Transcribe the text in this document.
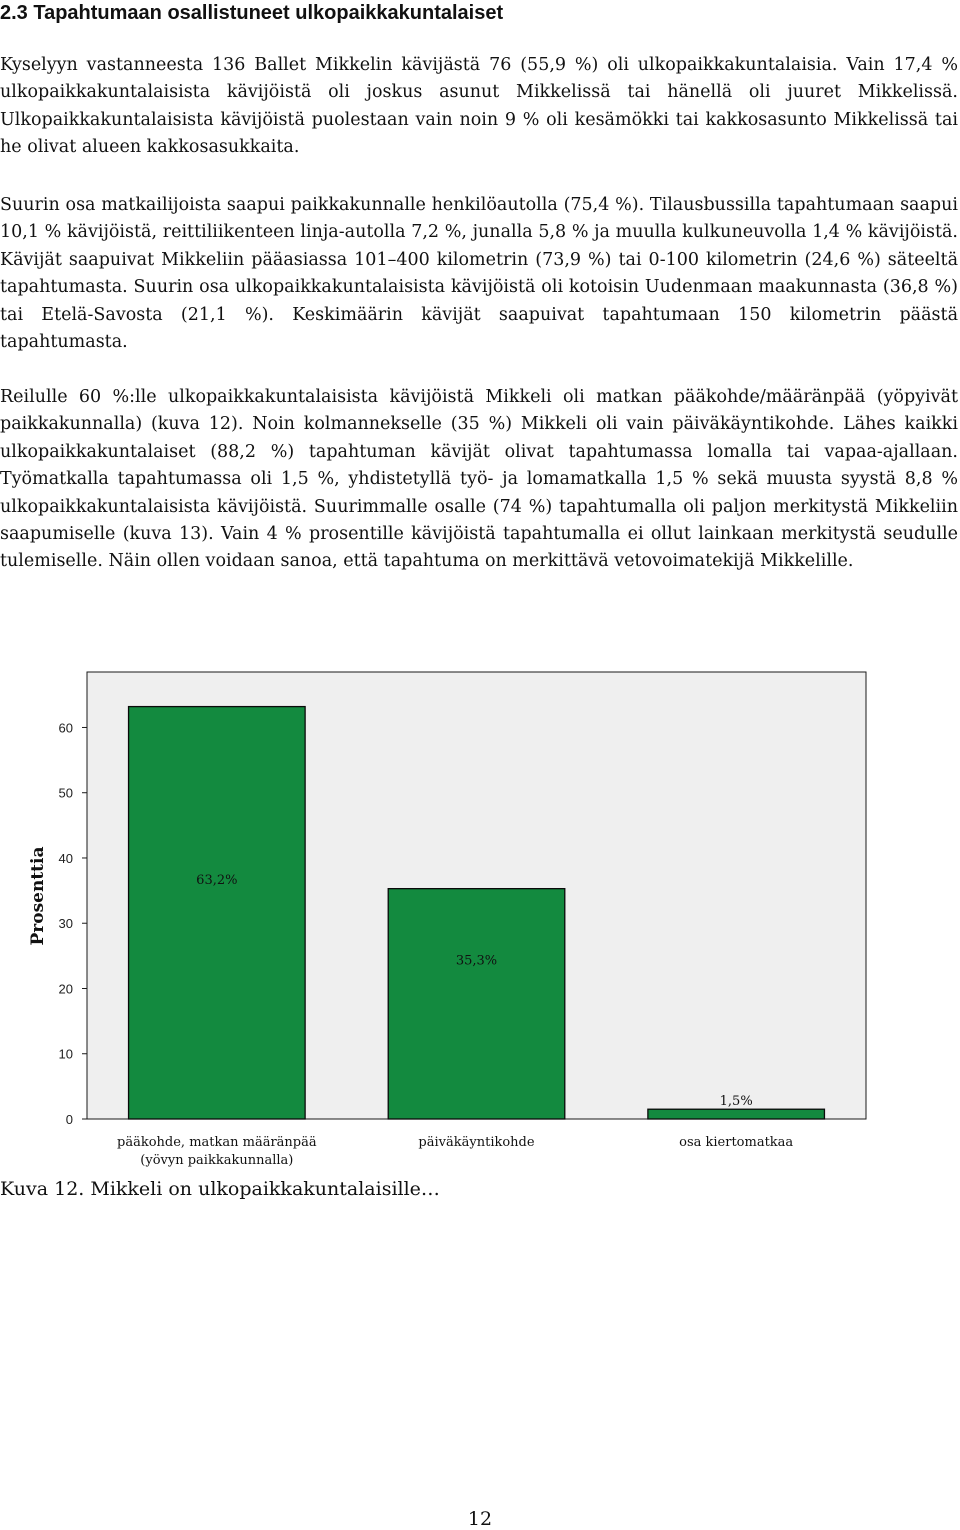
2.3 Tapahtumaan osallistuneet ulkopaikkakuntalaiset

Kyselyyn vastanneesta 136 Ballet Mikkelin kävijästä 76 (55,9 %) oli ulkopaikkakuntalaisia. Vain 17,4 % ulkopaikkakuntalaisista kävijöistä oli joskus asunut Mikkelissä tai hänellä oli juuret Mikkelissä. Ulkopaikkakuntalaisista kävijöistä puolestaan vain noin 9 % oli kesämökki tai kakkosasunto Mikkelissä tai he olivat alueen kakkosasukkaita.

Suurin osa matkailijoista saapui paikkakunnalle henkilöautolla (75,4 %). Tilausbussilla tapahtumaan saapui 10,1 % kävijöistä, reittiliikenteen linja-autolla 7,2 %, junalla 5,8 % ja muulla kulkuneuvolla 1,4 % kävijöistä. Kävijät saapuivat Mikkeliin pääasiassa 101–400 kilometrin (73,9 %) tai 0-100 kilometrin (24,6 %) säteeltä tapahtumasta. Suurin osa ulkopaikkakuntalaisista kävijöistä oli kotoisin Uudenmaan maakunnasta (36,8 %) tai Etelä-Savosta (21,1 %). Keskimäärin kävijät saapuivat tapahtumaan 150 kilometrin päästä tapahtumasta.

Reilulle 60 %:lle ulkopaikkakuntalaisista kävijöistä Mikkeli oli matkan pääkohde/määränpää (yöpyivät paikkakunnalla) (kuva 12). Noin kolmannekselle (35 %) Mikkeli oli vain päiväkäyntikohde. Lähes kaikki ulkopaikkakuntalaiset (88,2 %) tapahtuman kävijät olivat tapahtumassa lomalla tai vapaa-ajallaan. Työmatkalla tapahtumassa oli 1,5 %, yhdistetyllä työ- ja lomamatkalla 1,5 % sekä muusta syystä 8,8 % ulkopaikkakuntalaisista kävijöistä. Suurimmalle osalle (74 %) tapahtumalla oli paljon merkitystä Mikkeliin saapumiselle (kuva 13). Vain 4 % prosentille kävijöistä tapahtumalla ei ollut lainkaan merkitystä seudulle tulemiselle. Näin ollen voidaan sanoa, että tapahtuma on merkittävä vetovoimatekijä Mikkelille.

Prosenttia
0
10
20
30
40
50
60
63,2%
35,3%
1,5%
pääkohde, matkan määränpää
(yövyn paikkakunnalla)
päiväkäyntikohde	osa kiertomatkaa
Kuva 12. Mikkeli on ulkopaikkakuntalaisille…
12
